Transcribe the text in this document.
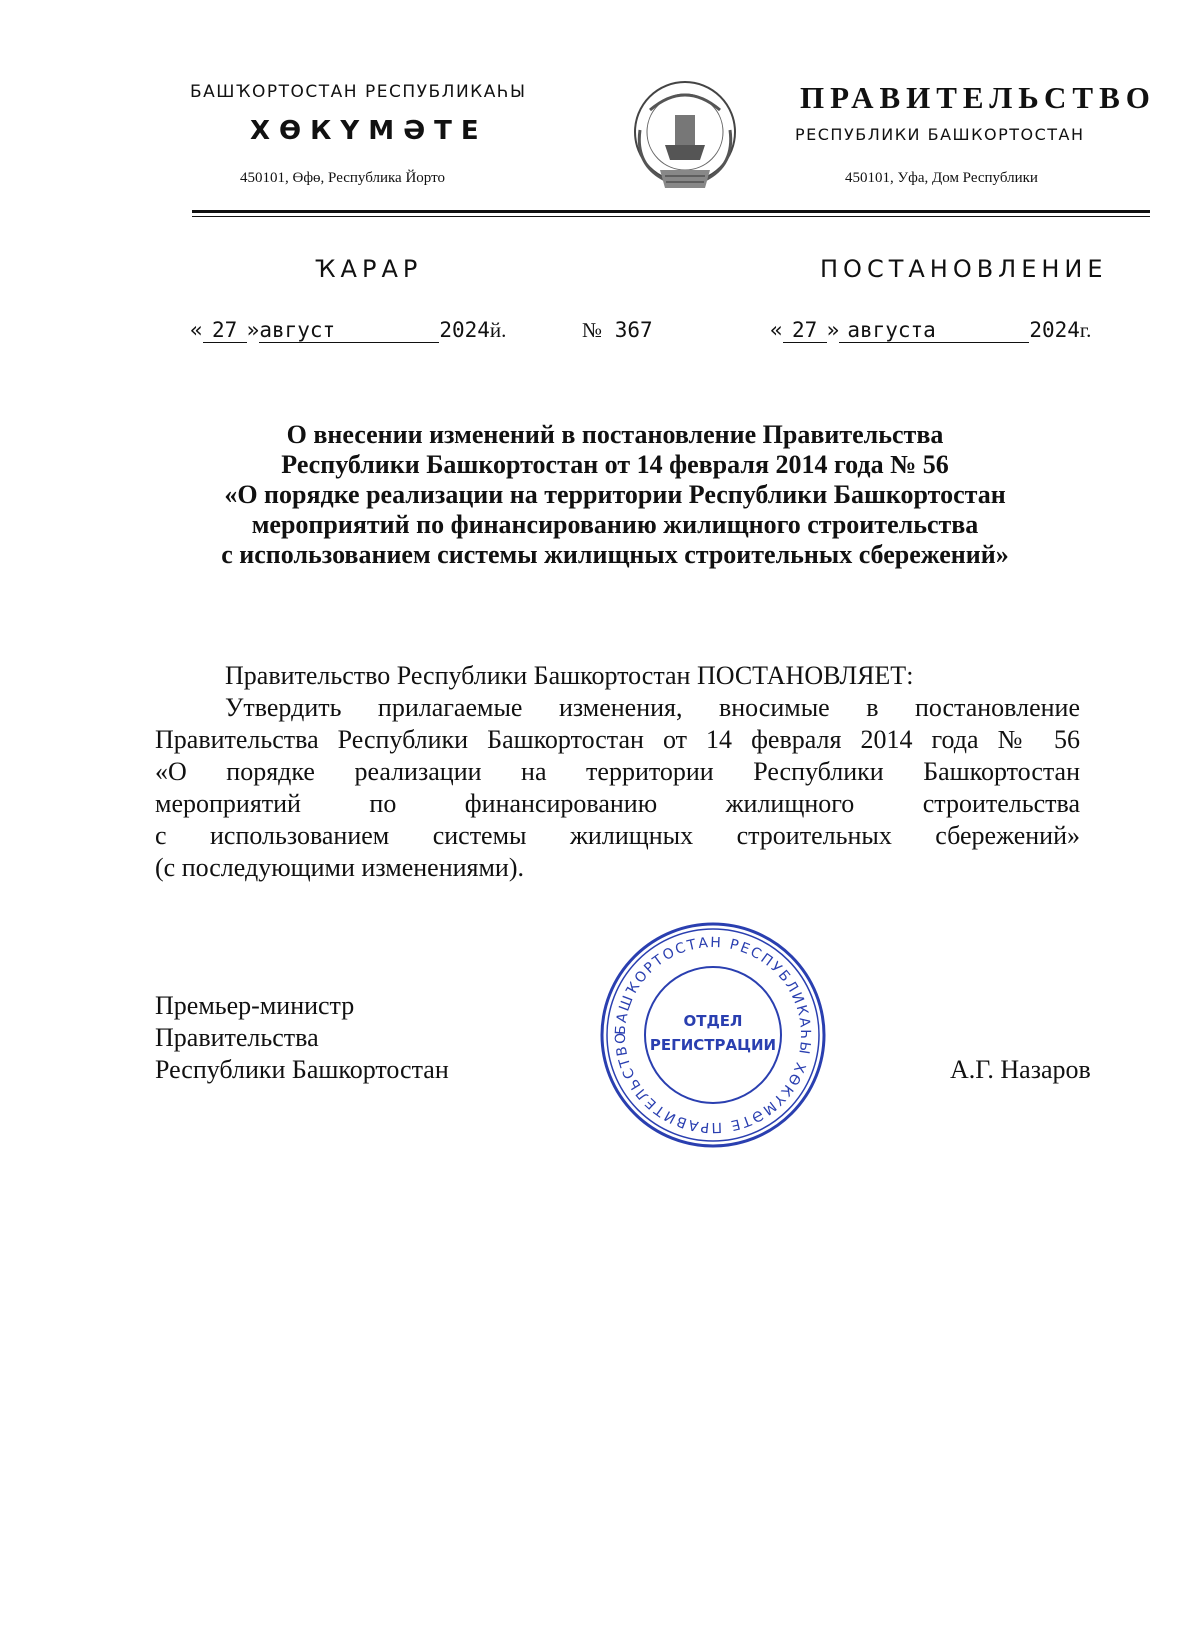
БАШҠОРТОСТАН РЕСПУБЛИКАҺЫ
ХӨКҮМӘТЕ
450101, Өфө, Республика Йорто
ПРАВИТЕЛЬСТВО
РЕСПУБЛИКИ БАШКОРТОСТАН
450101, Уфа, Дом Республики
ҠАРАР	ПОСТАНОВЛЕНИЕ
« 27 »август	2024й.	№ 367	« 27 » августа	2024г.
О внесении изменений в постановление Правительства
Республики Башкортостан от 14 февраля 2014 года № 56
«О порядке реализации на территории Республики Башкортостан
мероприятий по финансированию жилищного строительства
с использованием системы жилищных строительных сбережений»
Правительство Республики Башкортостан ПОСТАНОВЛЯЕТ:
Утвердить прилагаемые изменения, вносимые в постановление
Правительства Республики Башкортостан от 14 февраля 2014 года № 56
«О порядке реализации на территории Республики Башкортостан
мероприятий по финансированию жилищного строительства
с использованием системы жилищных строительных сбережений»
(с последующими изменениями).
Премьер-министр
Правительства
Республики Башкортостан	А.Г. Назаров
БАШҠОРТОСТАН РЕСПУБЛИКАҺЫ ХӨКҮМӘТЕ ПРАВИТЕЛЬСТВО
ОТДЕЛ
РЕГИСТРАЦИИ
